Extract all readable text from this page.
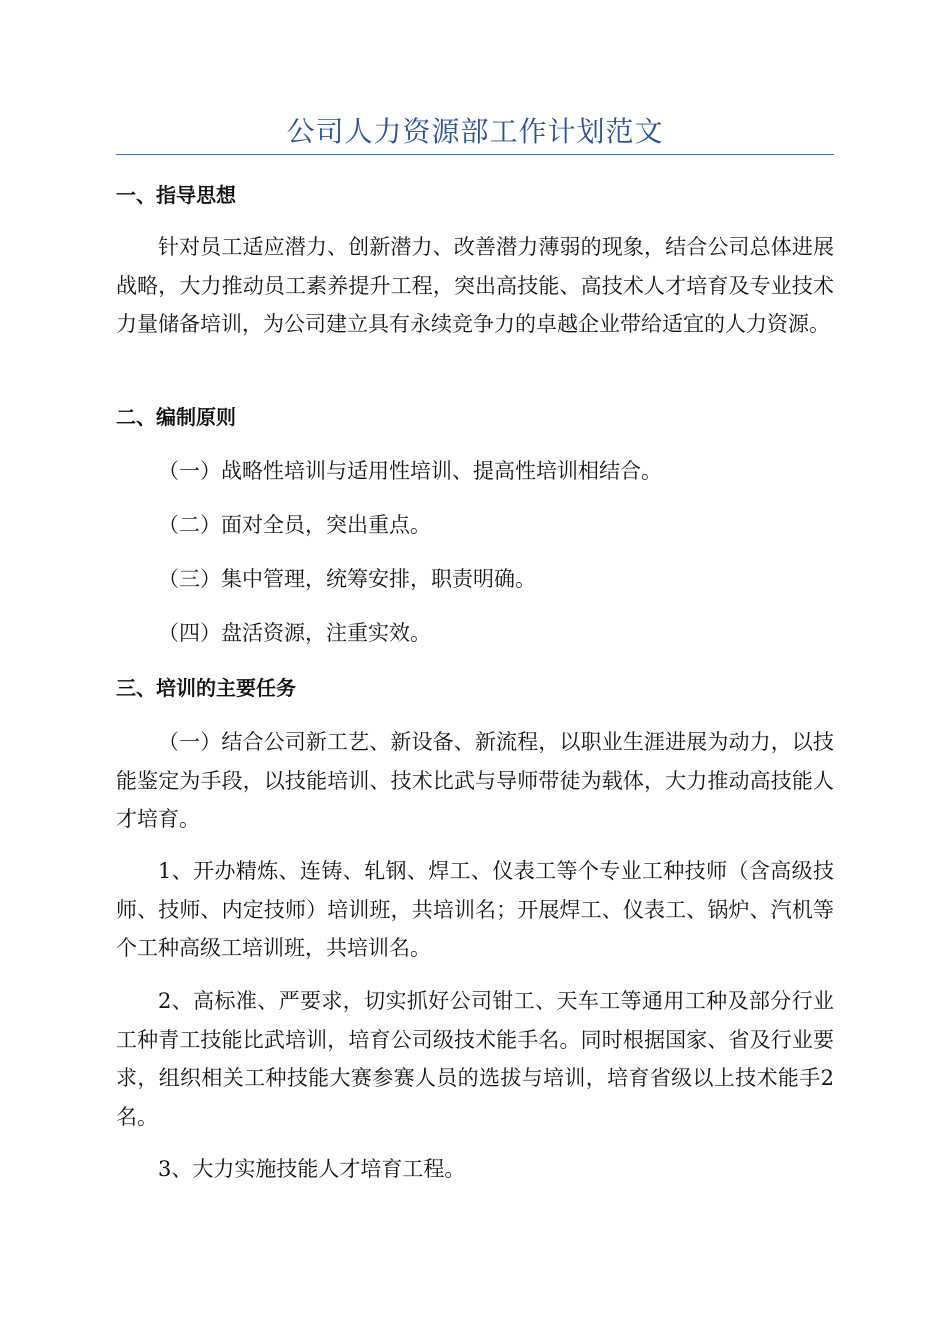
公司人力资源部工作计划范文
一、指导思想
针对员工适应潜力、创新潜力、改善潜力薄弱的现象，结合公司总体进展战略，大力推动员工素养提升工程，突出高技能、高技术人才培育及专业技术力量储备培训，为公司建立具有永续竞争力的卓越企业带给适宜的人力资源。
二、编制原则
（一）战略性培训与适用性培训、提高性培训相结合。
（二）面对全员，突出重点。
（三）集中管理，统筹安排，职责明确。
（四）盘活资源，注重实效。
三、培训的主要任务
（一）结合公司新工艺、新设备、新流程，以职业生涯进展为动力，以技能鉴定为手段，以技能培训、技术比武与导师带徒为载体，大力推动高技能人才培育。
1、开办精炼、连铸、轧钢、焊工、仪表工等个专业工种技师（含高级技师、技师、内定技师）培训班，共培训名；开展焊工、仪表工、锅炉、汽机等个工种高级工培训班，共培训名。
2、高标准、严要求，切实抓好公司钳工、天车工等通用工种及部分行业工种青工技能比武培训，培育公司级技术能手名。同时根据国家、省及行业要求，组织相关工种技能大赛参赛人员的选拔与培训，培育省级以上技术能手2名。
3、大力实施技能人才培育工程。
